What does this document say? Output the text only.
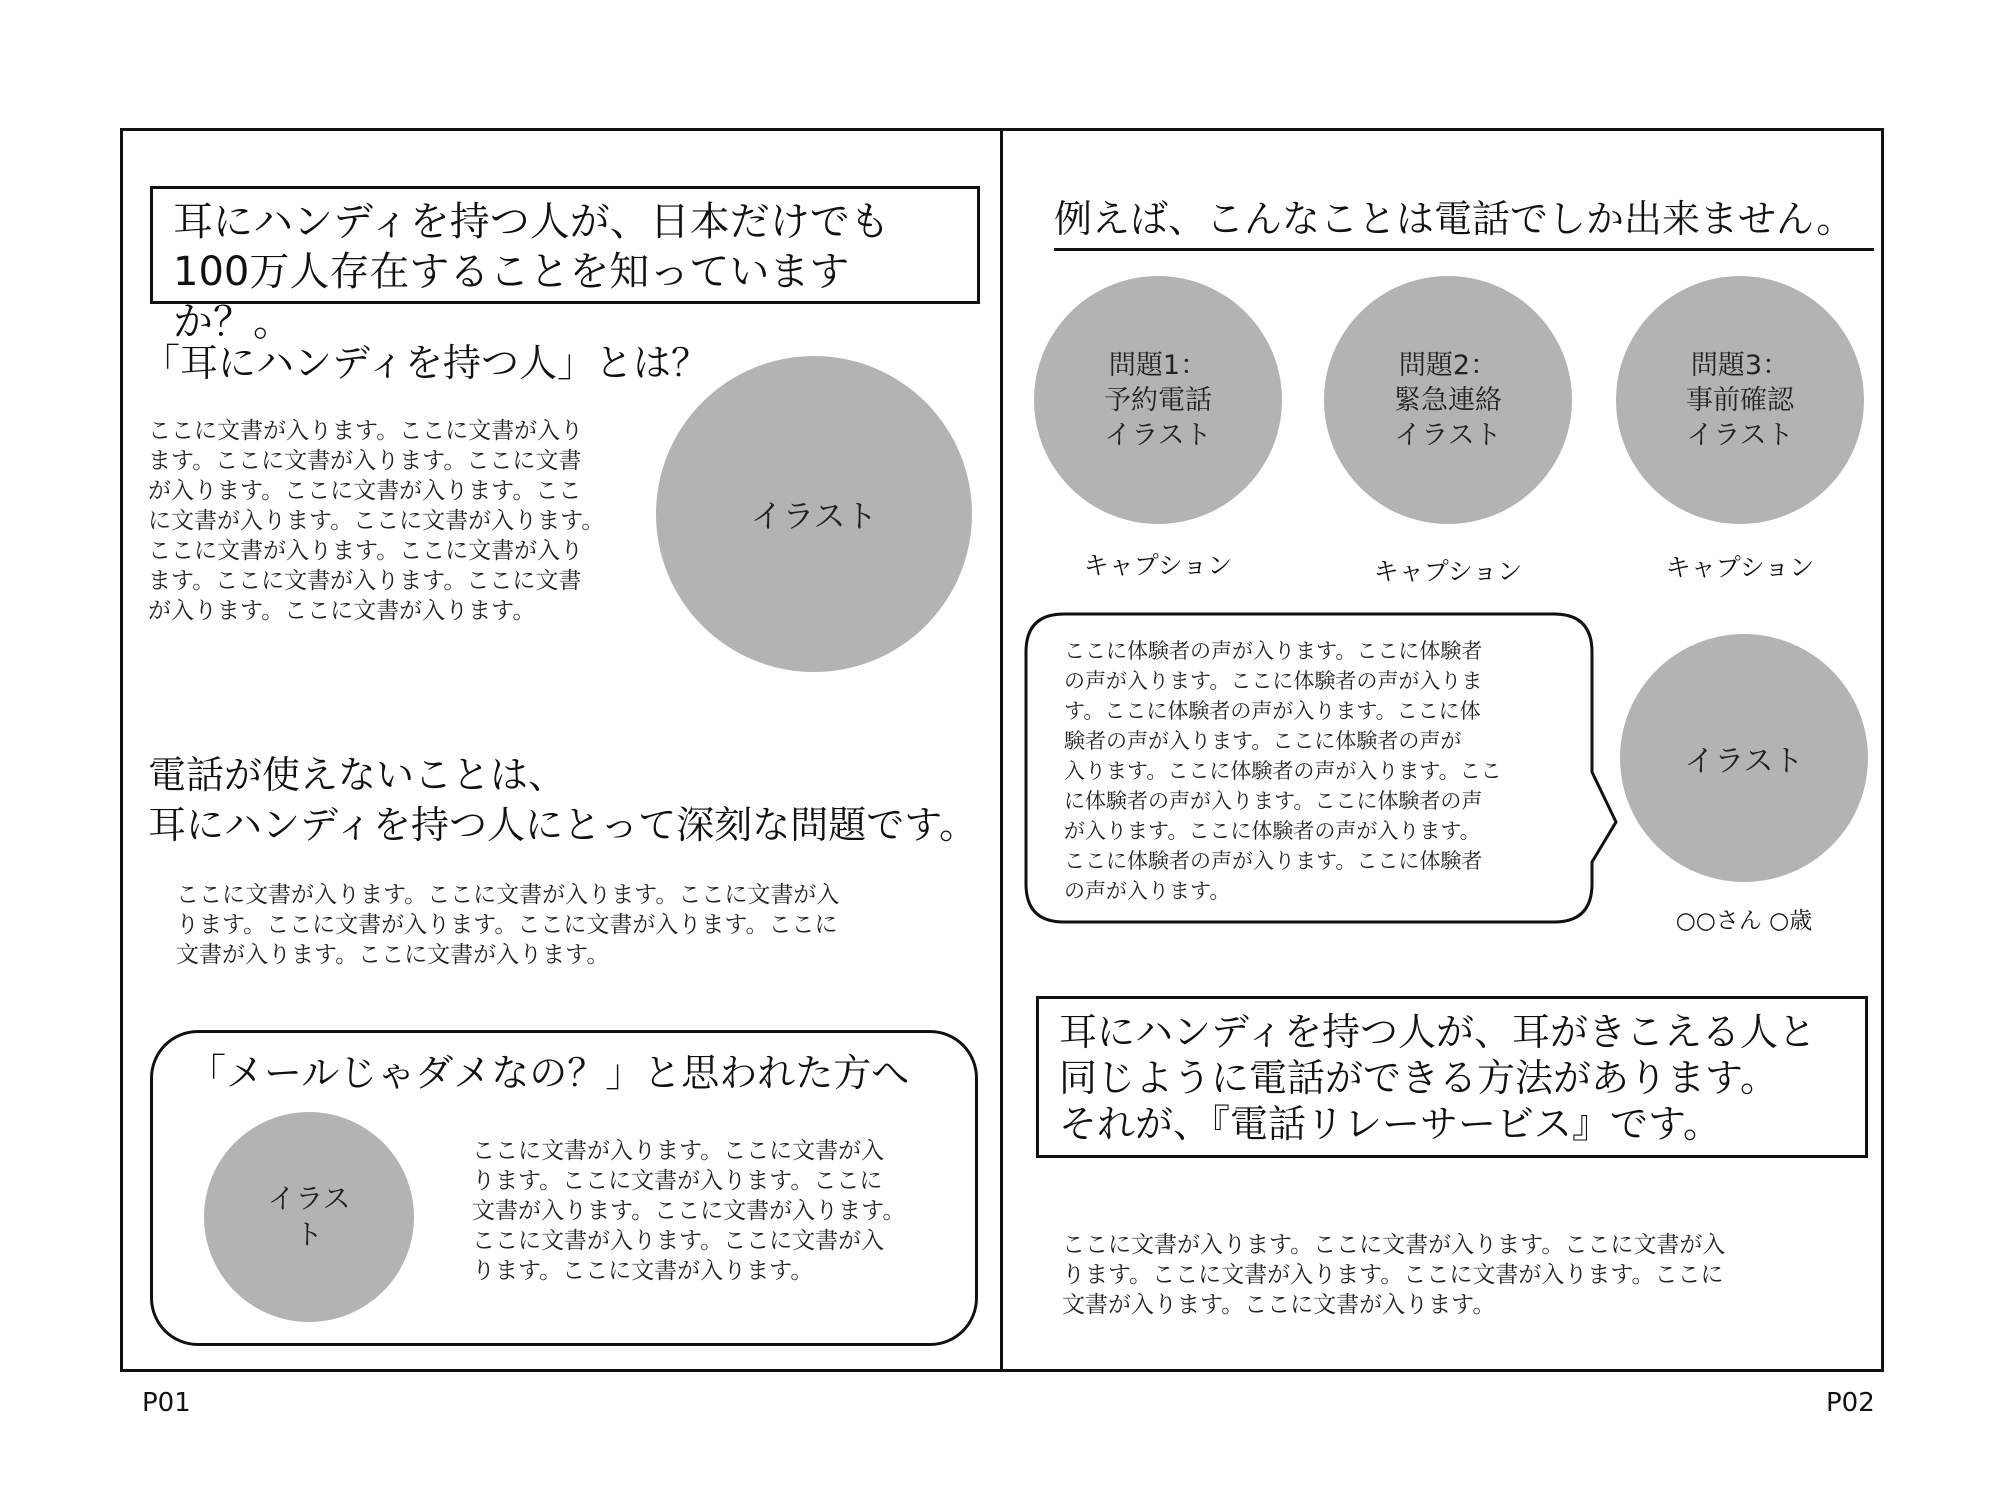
耳にハンディを持つ人が、日本だけでも
100万人存在することを知っていますか？。
「耳にハンディを持つ人」とは？
ここに文書が入ります。ここに文書が入り
ます。ここに文書が入ります。ここに文書
が入ります。ここに文書が入ります。ここ
に文書が入ります。ここに文書が入ります。
ここに文書が入ります。ここに文書が入り
ます。ここに文書が入ります。ここに文書
が入ります。ここに文書が入ります。
イラスト
電話が使えないことは、
耳にハンディを持つ人にとって深刻な問題です。
ここに文書が入ります。ここに文書が入ります。ここに文書が入
ります。ここに文書が入ります。ここに文書が入ります。ここに
文書が入ります。ここに文書が入ります。
「メールじゃダメなの？」と思われた方へ
イラス
ト
ここに文書が入ります。ここに文書が入
ります。ここに文書が入ります。ここに
文書が入ります。ここに文書が入ります。
ここに文書が入ります。ここに文書が入
ります。ここに文書が入ります。
P01
例えば、こんなことは電話でしか出来ません。
問題1：
予約電話
イラスト
キャプション
問題2：
緊急連絡
イラスト
キャプション
問題3：
事前確認
イラスト
キャプション
ここに体験者の声が入ります。ここに体験者
の声が入ります。ここに体験者の声が入りま
す。ここに体験者の声が入ります。ここに体
験者の声が入ります。ここに体験者の声が
入ります。ここに体験者の声が入ります。ここ
に体験者の声が入ります。ここに体験者の声
が入ります。ここに体験者の声が入ります。
ここに体験者の声が入ります。ここに体験者
の声が入ります。
イラスト
○○さん ○歳
耳にハンディを持つ人が、耳がきこえる人と
同じように電話ができる方法があります。
それが、『電話リレーサービス』です。
ここに文書が入ります。ここに文書が入ります。ここに文書が入
ります。ここに文書が入ります。ここに文書が入ります。ここに
文書が入ります。ここに文書が入ります。
P02
